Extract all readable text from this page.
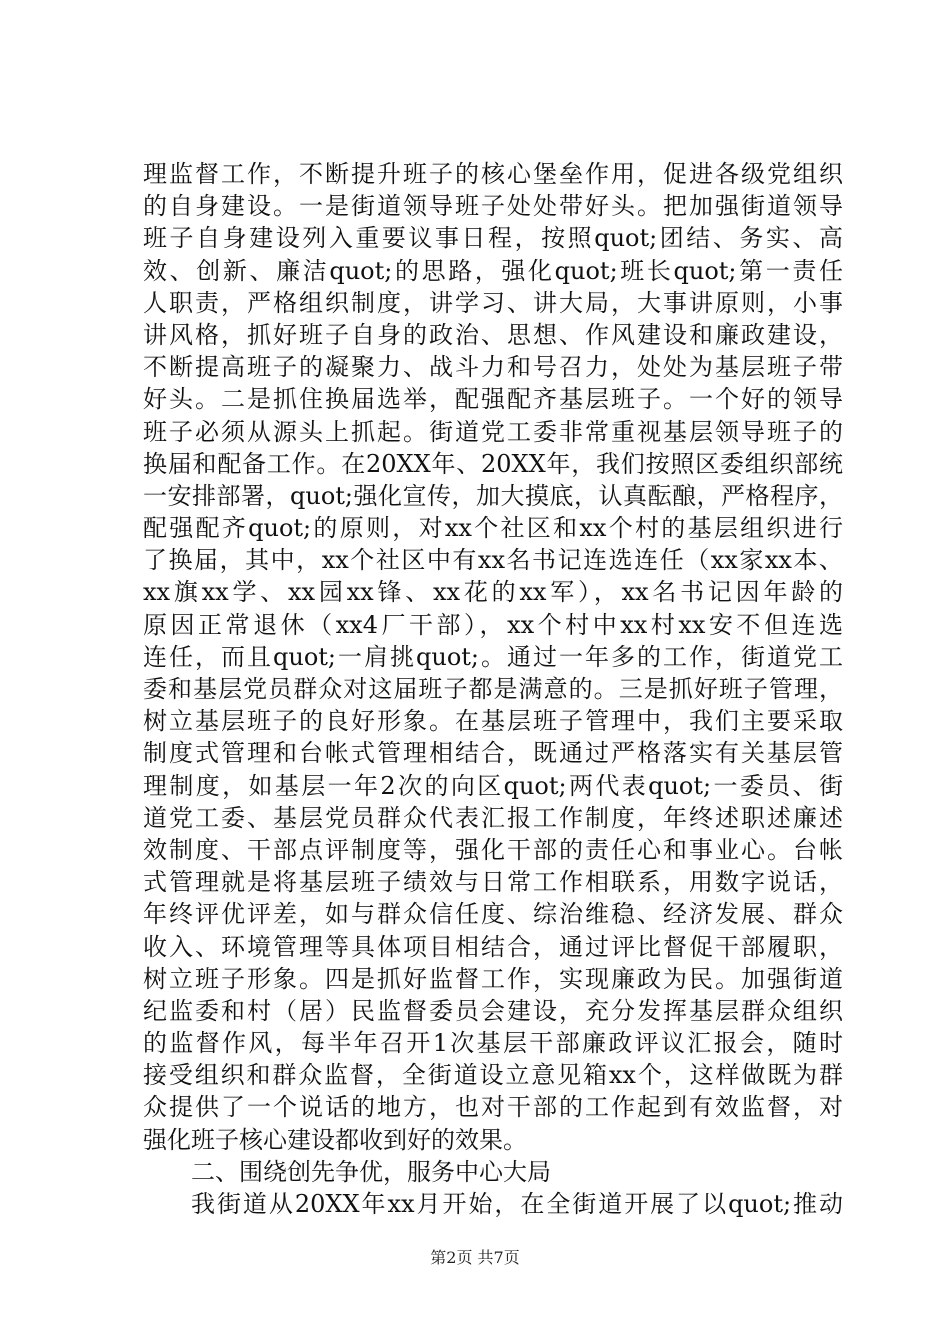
理监督工作，不断提升班子的核心堡垒作用，促进各级党组织
的自身建设。一是街道领导班子处处带好头。把加强街道领导
班子自身建设列入重要议事日程，按照quot;团结、务实、高
效、创新、廉洁quot;的思路，强化quot;班长quot;第一责任
人职责，严格组织制度，讲学习、讲大局，大事讲原则，小事
讲风格，抓好班子自身的政治、思想、作风建设和廉政建设，
不断提高班子的凝聚力、战斗力和号召力，处处为基层班子带
好头。二是抓住换届选举，配强配齐基层班子。一个好的领导
班子必须从源头上抓起。街道党工委非常重视基层领导班子的
换届和配备工作。在20XX年、20XX年，我们按照区委组织部统
一安排部署，quot;强化宣传，加大摸底，认真酝酿，严格程序，
配强配齐quot;的原则，对xx个社区和xx个村的基层组织进行
了换届，其中，xx个社区中有xx名书记连选连任（xx家xx本、
xx旗xx学、xx园xx锋、xx花的xx军），xx名书记因年龄的
原因正常退休（xx4厂干部），xx个村中xx村xx安不但连选
连任，而且quot;一肩挑quot;。通过一年多的工作，街道党工
委和基层党员群众对这届班子都是满意的。三是抓好班子管理，
树立基层班子的良好形象。在基层班子管理中，我们主要采取
制度式管理和台帐式管理相结合，既通过严格落实有关基层管
理制度，如基层一年2次的向区quot;两代表quot;一委员、街
道党工委、基层党员群众代表汇报工作制度，年终述职述廉述
效制度、干部点评制度等，强化干部的责任心和事业心。台帐
式管理就是将基层班子绩效与日常工作相联系，用数字说话，
年终评优评差，如与群众信任度、综治维稳、经济发展、群众
收入、环境管理等具体项目相结合，通过评比督促干部履职，
树立班子形象。四是抓好监督工作，实现廉政为民。加强街道
纪监委和村（居）民监督委员会建设，充分发挥基层群众组织
的监督作风，每半年召开1次基层干部廉政评议汇报会，随时
接受组织和群众监督，全街道设立意见箱xx个，这样做既为群
众提供了一个说话的地方，也对干部的工作起到有效监督，对
强化班子核心建设都收到好的效果。
二、围绕创先争优，服务中心大局
我街道从20XX年xx月开始，在全街道开展了以quot;推动
第2页 共7页
